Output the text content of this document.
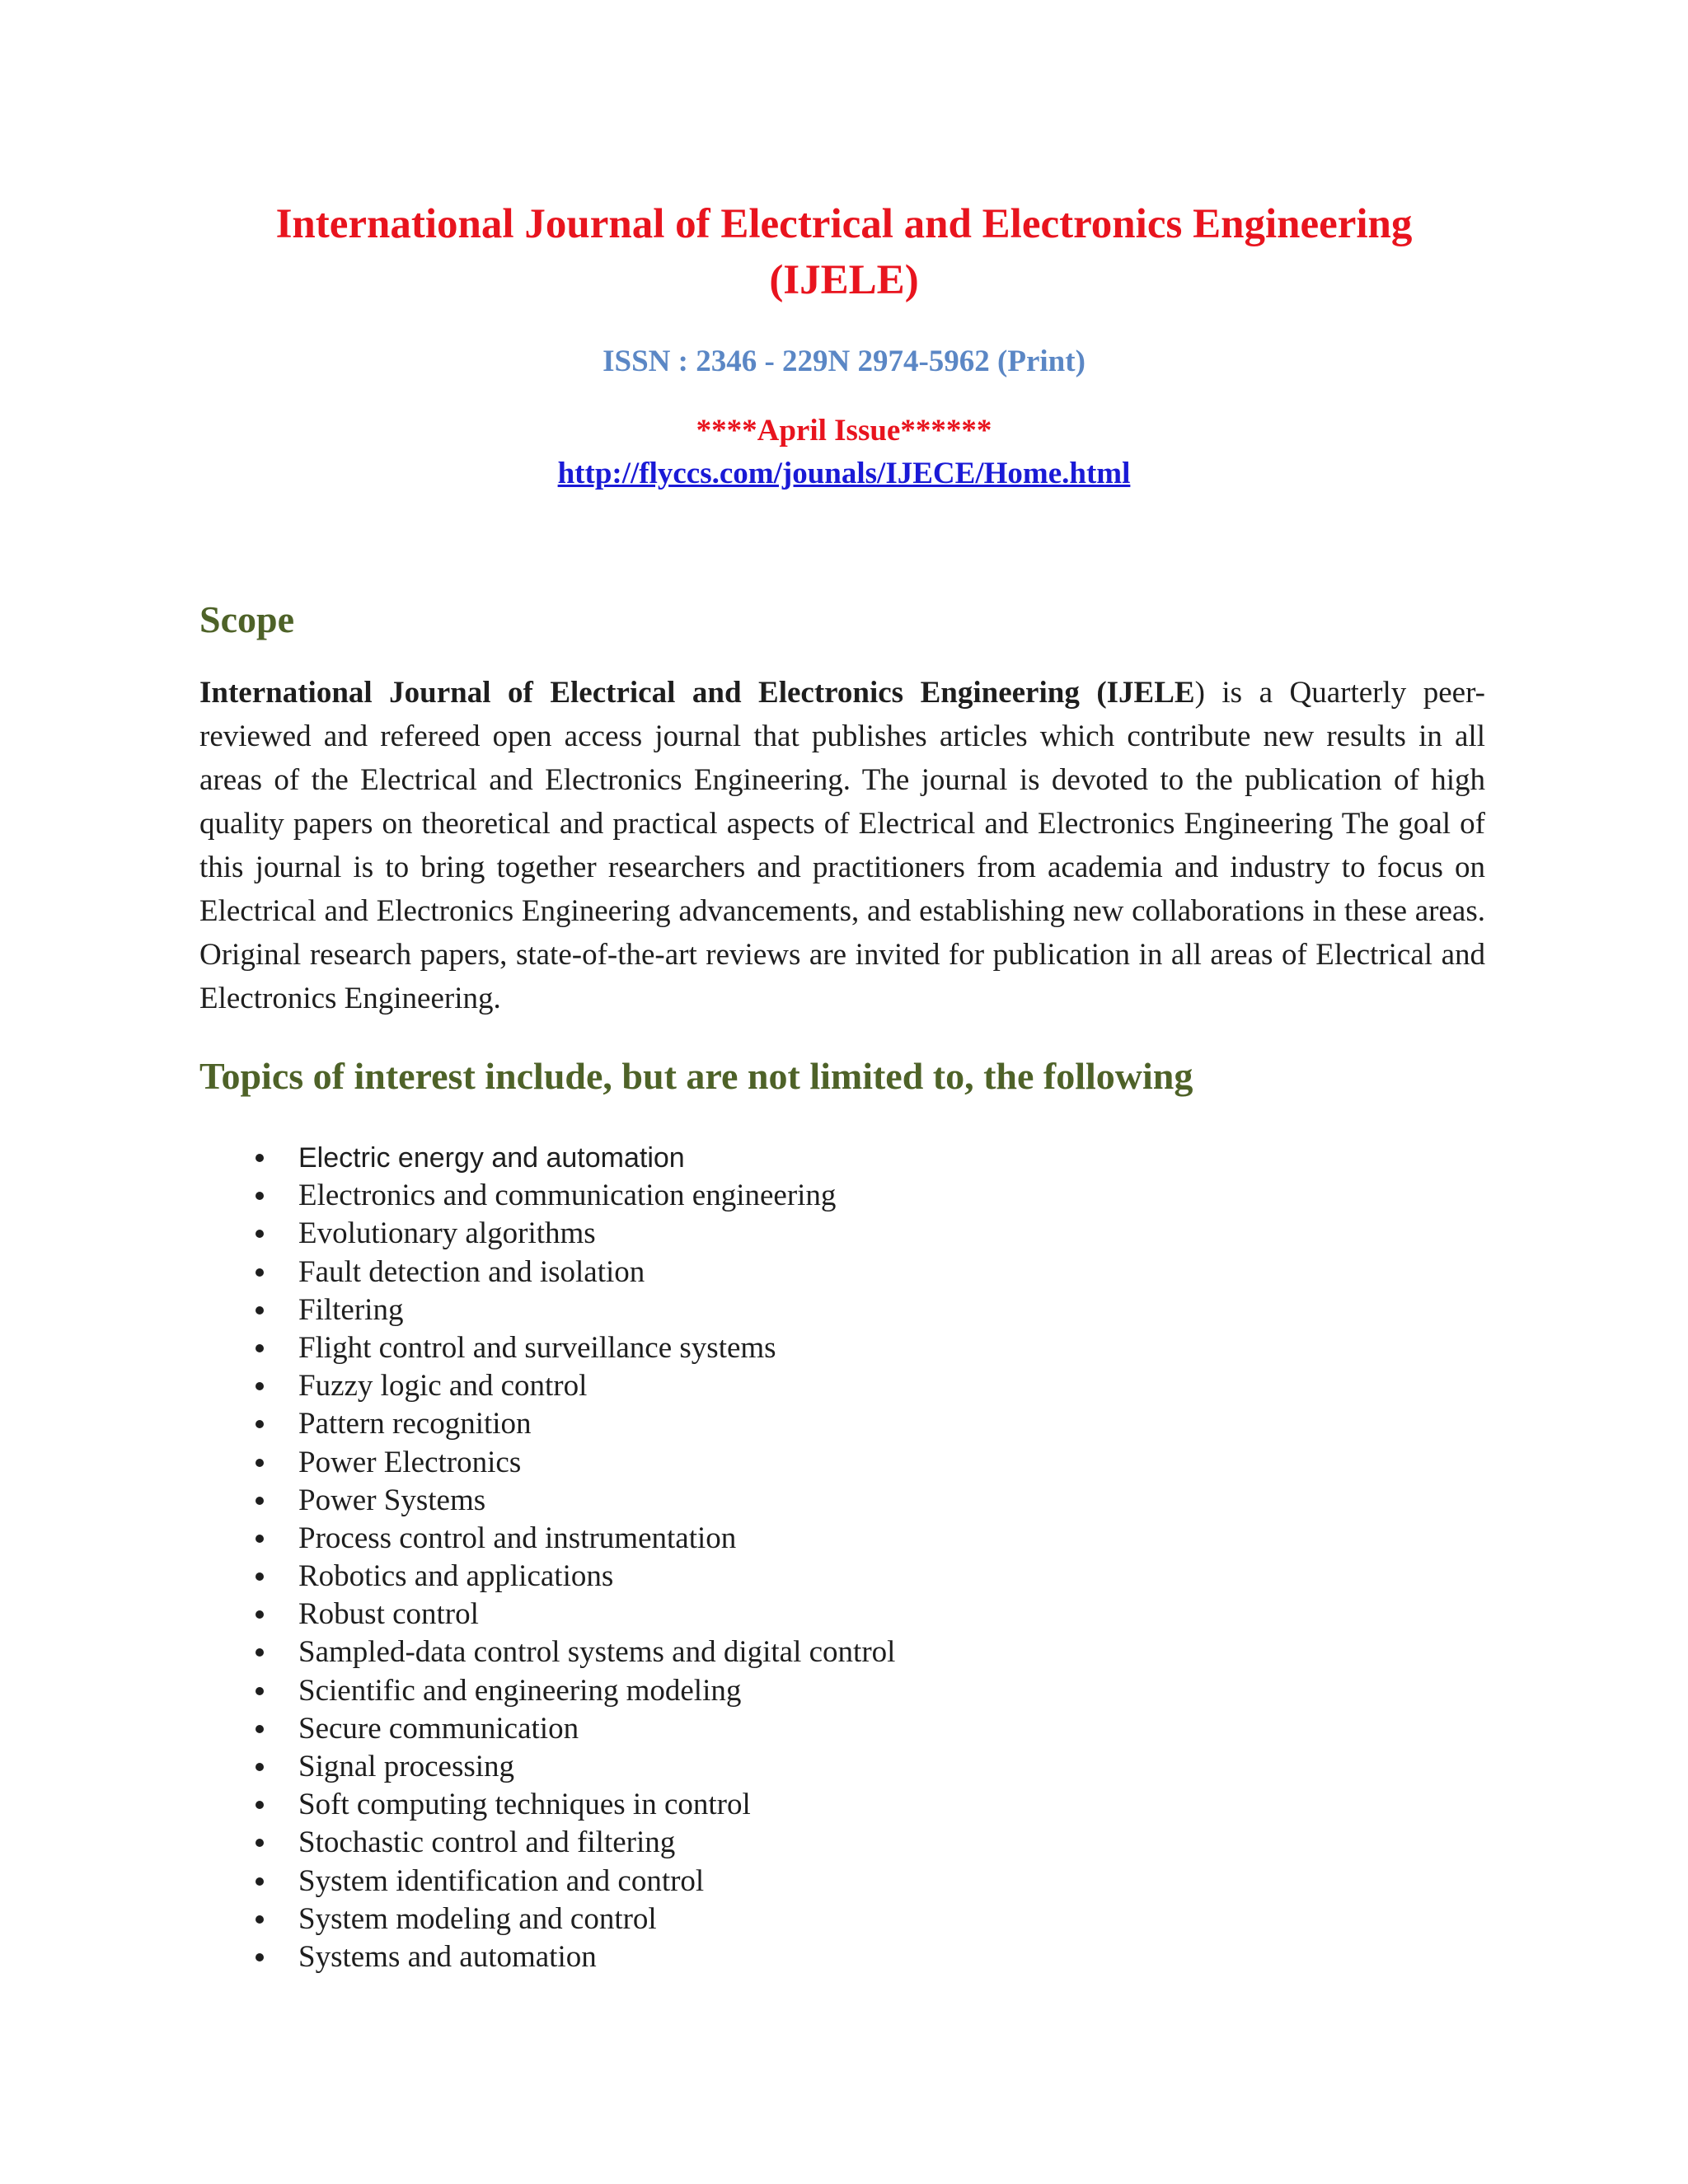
International Journal of Electrical and Electronics Engineering (IJELE)
ISSN : 2346 - 229N 2974-5962 (Print)
****April Issue******
http://flyccs.com/jounals/IJECE/Home.html
Scope

International Journal of Electrical and Electronics Engineering (IJELE) is a Quarterly peer-reviewed and refereed open access journal that publishes articles which contribute new results in all areas of the Electrical and Electronics Engineering. The journal is devoted to the publication of high quality papers on theoretical and practical aspects of Electrical and Electronics Engineering The goal of this journal is to bring together researchers and practitioners from academia and industry to focus on Electrical and Electronics Engineering advancements, and establishing new collaborations in these areas. Original research papers, state-of-the-art reviews are invited for publication in all areas of Electrical and Electronics Engineering.

Topics of interest include, but are not limited to, the following
Electric energy and automation
Electronics and communication engineering
Evolutionary algorithms
Fault detection and isolation
Filtering
Flight control and surveillance systems
Fuzzy logic and control
Pattern recognition
Power Electronics
Power Systems
Process control and instrumentation
Robotics and applications
Robust control
Sampled-data control systems and digital control
Scientific and engineering modeling
Secure communication
Signal processing
Soft computing techniques in control
Stochastic control and filtering
System identification and control
System modeling and control
Systems and automation
